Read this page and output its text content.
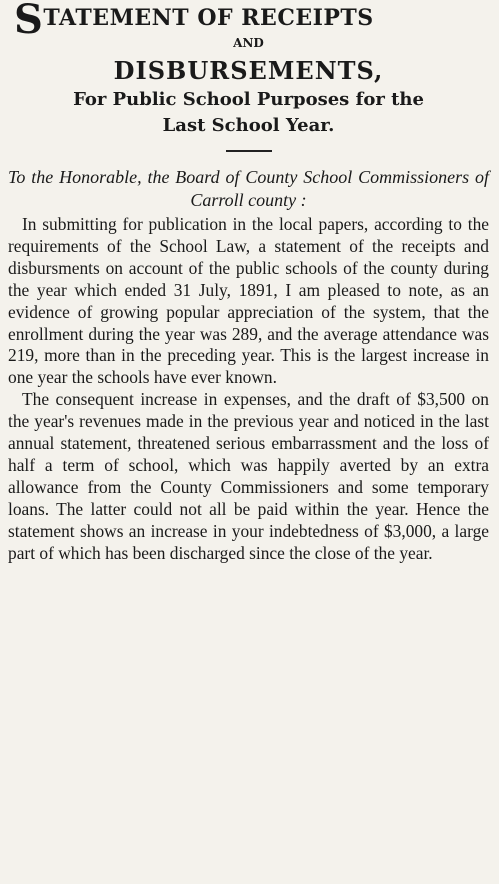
STATEMENT OF RECEIPTS
AND
DISBURSEMENTS,
For Public School Purposes for the
Last School Year.

To the Honorable, the Board of County School Commissioners of Carroll county :

In submitting for publication in the local papers, according to the requirements of the School Law, a statement of the receipts and disbursments on account of the public schools of the county during the year which ended 31 July, 1891, I am pleased to note, as an evidence of growing popular appreciation of the system, that the enrollment during the year was 289, and the average attendance was 219, more than in the preceding year. This is the largest increase in one year the schools have ever known.

The consequent increase in expenses, and the draft of $3,500 on the year's revenues made in the previous year and noticed in the last annual statement, threatened serious embarrassment and the loss of half a term of school, which was happily averted by an extra allowance from the County Commissioners and some temporary loans. The latter could not all be paid within the year. Hence the statement shows an increase in your indebtedness of $3,000, a large part of which has been discharged since the close of the year.
